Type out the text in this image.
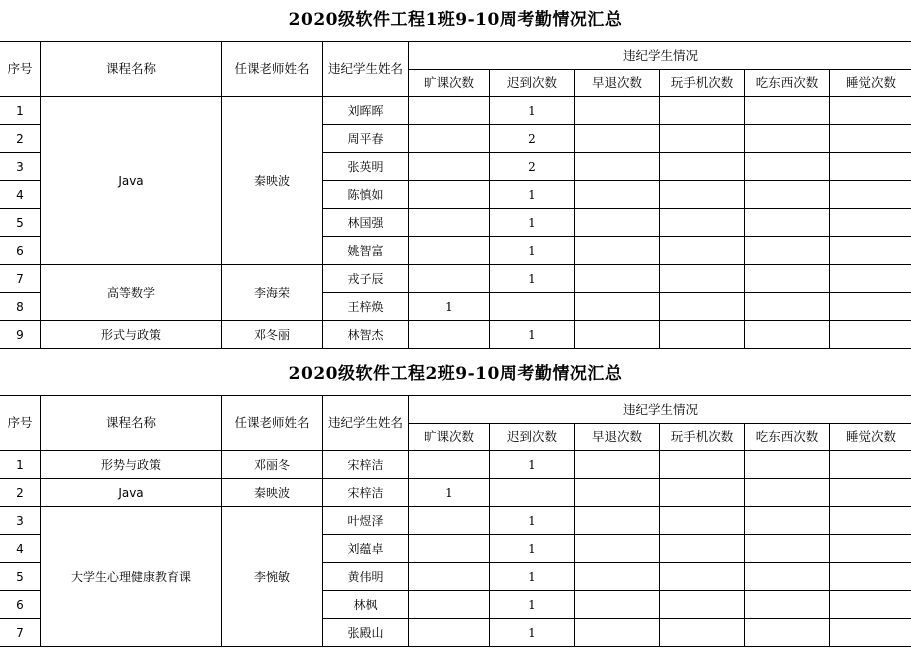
2020级软件工程1班9-10周考勤情况汇总
序号	课程名称	任课老师姓名	违纪学生姓名	违纪学生情况					
				旷课次数	迟到次数	早退次数	玩手机次数	吃东西次数	睡觉次数
1	Java	秦映波	刘晖晖		1				
2			周平春		2				
3			张英明		2				
4			陈慎如		1				
5			林国强		1				
6			姚智富		1				
7	高等数学	李海荣	戎子辰		1				
8			王梓焕	1					
9	形式与政策	邓冬丽	林智杰		1				
2020级软件工程2班9-10周考勤情况汇总
序号	课程名称	任课老师姓名	违纪学生姓名	违纪学生情况					
				旷课次数	迟到次数	早退次数	玩手机次数	吃东西次数	睡觉次数
1	形势与政策	邓丽冬	宋梓洁		1				
2	Java	秦映波	宋梓洁	1					
3	大学生心理健康教育课	李惋敏	叶煜泽		1				
4			刘蕴卓		1				
5			黄伟明		1				
6			林枫		1				
7			张殿山		1				
